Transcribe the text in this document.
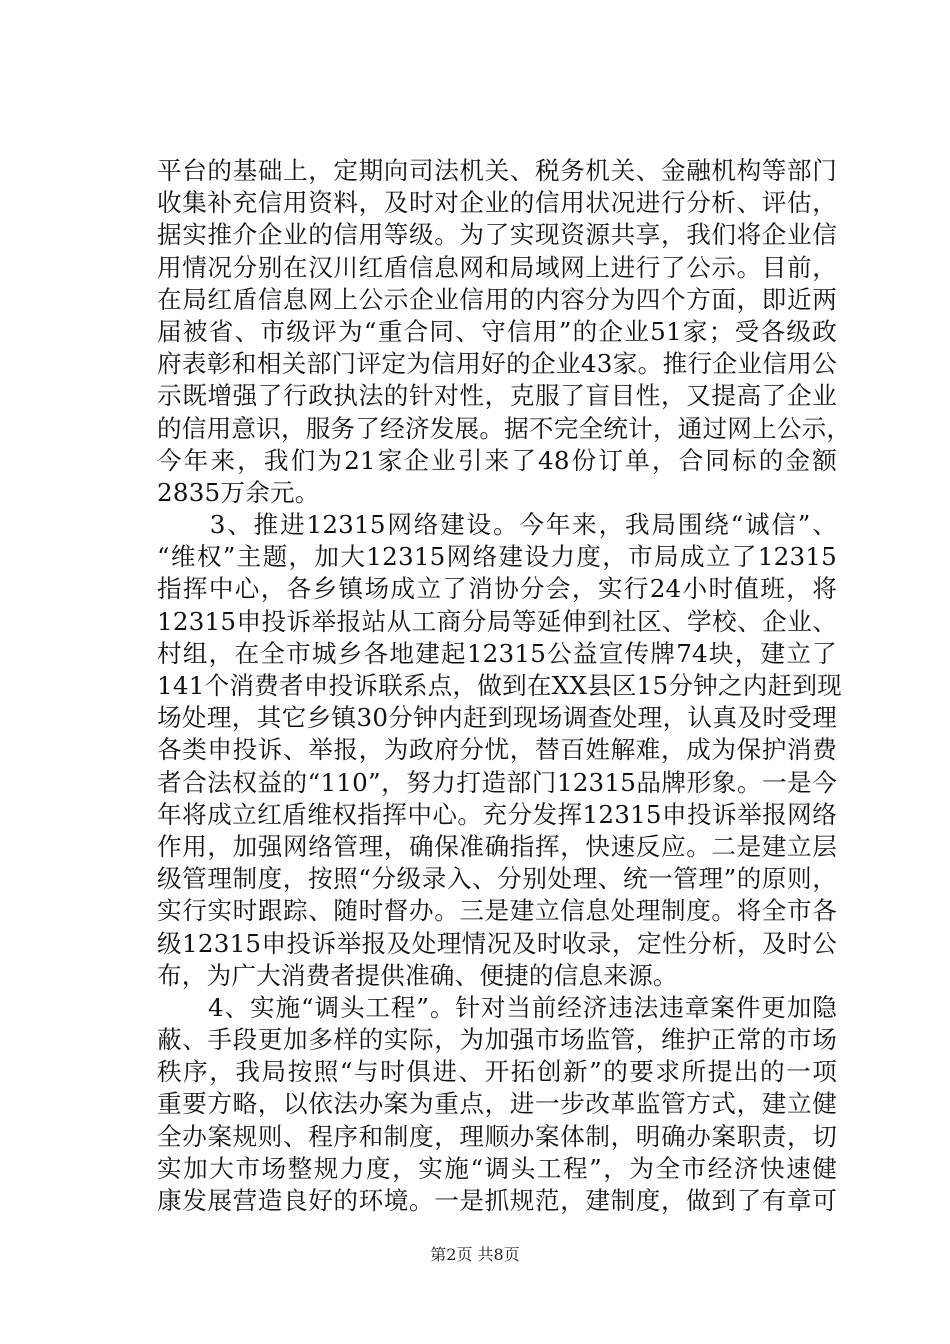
平台的基础上，定期向司法机关、税务机关、金融机构等部门
收集补充信用资料，及时对企业的信用状况进行分析、评估，
据实推介企业的信用等级。为了实现资源共享，我们将企业信
用情况分别在汉川红盾信息网和局域网上进行了公示。目前，
在局红盾信息网上公示企业信用的内容分为四个方面，即近两
届被省、市级评为“重合同、守信用”的企业51家；受各级政
府表彰和相关部门评定为信用好的企业43家。推行企业信用公
示既增强了行政执法的针对性，克服了盲目性，又提高了企业
的信用意识，服务了经济发展。据不完全统计，通过网上公示，
今年来，我们为21家企业引来了48份订单，合同标的金额
2835万余元。
　　3、推进12315网络建设。今年来，我局围绕“诚信”、
“维权”主题，加大12315网络建设力度，市局成立了12315
指挥中心，各乡镇场成立了消协分会，实行24小时值班，将
12315申投诉举报站从工商分局等延伸到社区、学校、企业、
村组，在全市城乡各地建起12315公益宣传牌74块，建立了
141个消费者申投诉联系点，做到在XX县区15分钟之内赶到现
场处理，其它乡镇30分钟内赶到现场调查处理，认真及时受理
各类申投诉、举报，为政府分忧，替百姓解难，成为保护消费
者合法权益的“110”，努力打造部门12315品牌形象。一是今
年将成立红盾维权指挥中心。充分发挥12315申投诉举报网络
作用，加强网络管理，确保准确指挥，快速反应。二是建立层
级管理制度，按照“分级录入、分别处理、统一管理”的原则，
实行实时跟踪、随时督办。三是建立信息处理制度。将全市各
级12315申投诉举报及处理情况及时收录，定性分析，及时公
布，为广大消费者提供准确、便捷的信息来源。
　　4、实施“调头工程”。针对当前经济违法违章案件更加隐
蔽、手段更加多样的实际，为加强市场监管，维护正常的市场
秩序，我局按照“与时俱进、开拓创新”的要求所提出的一项
重要方略，以依法办案为重点，进一步改革监管方式，建立健
全办案规则、程序和制度，理顺办案体制，明确办案职责，切
实加大市场整规力度，实施“调头工程”，为全市经济快速健
康发展营造良好的环境。一是抓规范，建制度，做到了有章可
第2页 共8页
